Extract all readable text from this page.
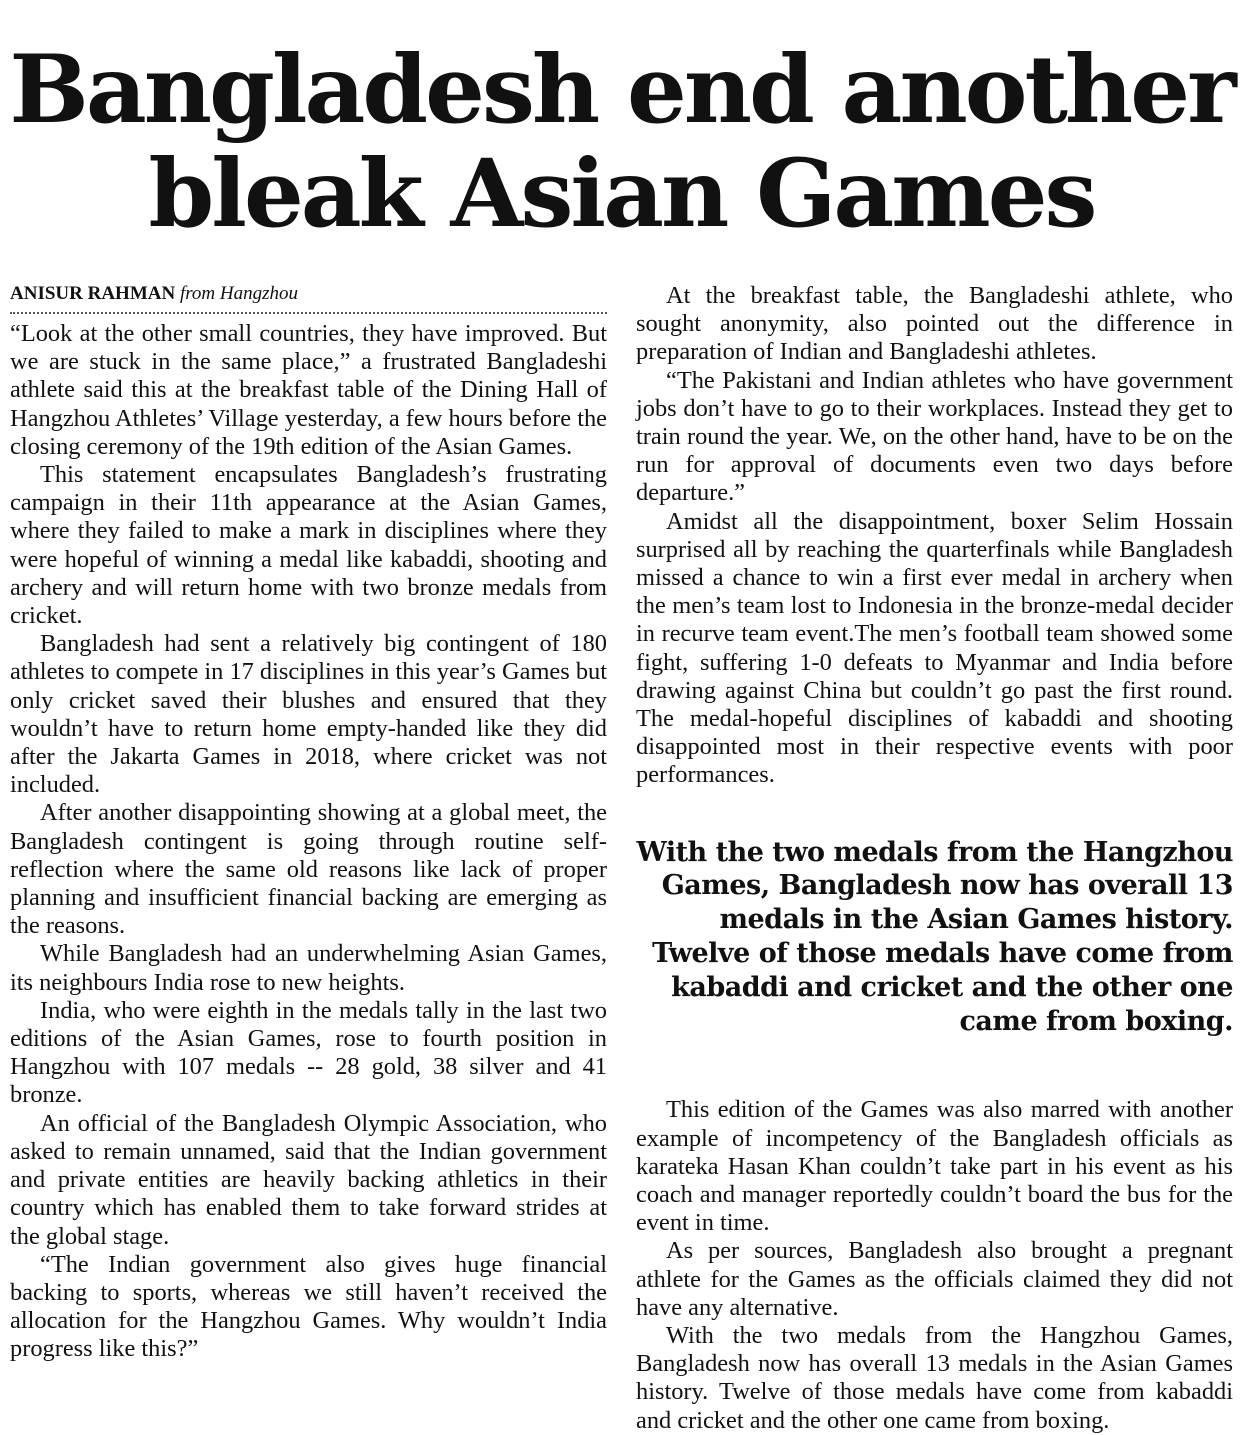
Bangladesh end another
bleak Asian Games
ANISUR RAHMAN from Hangzhou

“Look at the other small countries, they have improved. But we are stuck in the same place,” a frustrated Bangladeshi athlete said this at the breakfast table of the Dining Hall of Hangzhou Athletes’ Village yesterday, a few hours before the closing ceremony of the 19th edition of the Asian Games.

This statement encapsulates Bangladesh’s frustrating campaign in their 11th appearance at the Asian Games, where they failed to make a mark in disciplines where they were hopeful of winning a medal like kabaddi, shooting and archery and will return home with two bronze medals from cricket.

Bangladesh had sent a relatively big contingent of 180 athletes to compete in 17 disciplines in this year’s Games but only cricket saved their blushes and ensured that they wouldn’t have to return home empty-handed like they did after the Jakarta Games in 2018, where cricket was not included.

After another disappointing showing at a global meet, the Bangladesh contingent is going through routine self-reflection where the same old reasons like lack of proper planning and insufficient financial backing are emerging as the reasons.

While Bangladesh had an underwhelming Asian Games, its neighbours India rose to new heights.

India, who were eighth in the medals tally in the last two editions of the Asian Games, rose to fourth position in Hangzhou with 107 medals -- 28 gold, 38 silver and 41 bronze.

An official of the Bangladesh Olympic Association, who asked to remain unnamed, said that the Indian government and private entities are heavily backing athletics in their country which has enabled them to take forward strides at the global stage.

“The Indian government also gives huge financial backing to sports, whereas we still haven’t received the allocation for the Hangzhou Games. Why wouldn’t India progress like this?”

At the breakfast table, the Bangladeshi athlete, who sought anonymity, also pointed out the difference in preparation of Indian and Bangladeshi athletes.

“The Pakistani and Indian athletes who have government jobs don’t have to go to their workplaces. Instead they get to train round the year. We, on the other hand, have to be on the run for approval of documents even two days before departure.”

Amidst all the disappointment, boxer Selim Hossain surprised all by reaching the quarterfinals while Bangladesh missed a chance to win a first ever medal in archery when the men’s team lost to Indonesia in the bronze-medal decider in recurve team event.The men’s football team showed some fight, suffering 1-0 defeats to Myanmar and India before drawing against China but couldn’t go past the first round. The medal-hopeful disciplines of kabaddi and shooting disappointed most in their respective events with poor performances.

With the two medals from the Hangzhou Games, Bangladesh now has overall 13 medals in the Asian Games history. Twelve of those medals have come from kabaddi and cricket and the other one came from boxing.

This edition of the Games was also marred with another example of incompetency of the Bangladesh officials as karateka Hasan Khan couldn’t take part in his event as his coach and manager reportedly couldn’t board the bus for the event in time.

As per sources, Bangladesh also brought a pregnant athlete for the Games as the officials claimed they did not have any alternative.

With the two medals from the Hangzhou Games, Bangladesh now has overall 13 medals in the Asian Games history. Twelve of those medals have come from kabaddi and cricket and the other one came from boxing.
